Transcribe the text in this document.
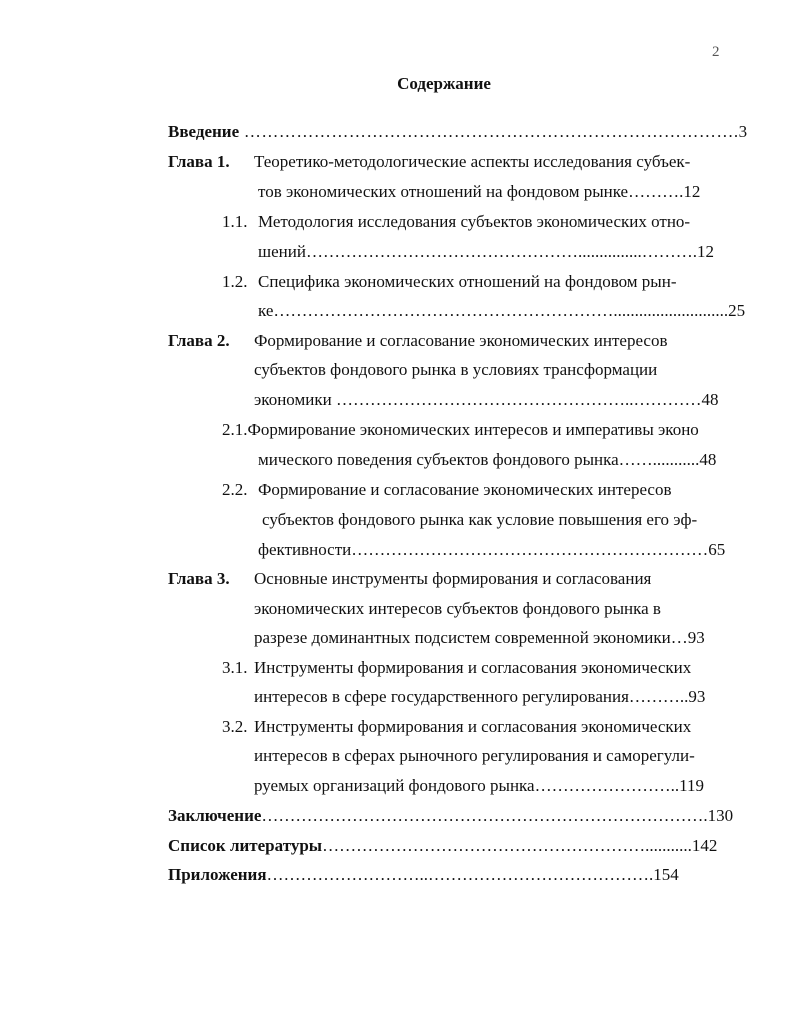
2
Содержание
Введение ………………………………………………………………………….3
Глава 1. Теоретико-методологические аспекты исследования субъек-
тов экономических отношений на фондовом рынке……….12
1.1. Методология исследования субъектов экономических отно-
шений…………………………………………...............……….12
1.2. Специфика экономических отношений на фондовом рын-
ке……………………………………………………...........................25
Глава 2. Формирование и согласование экономических интересов
субъектов фондового рынка в условиях трансформации
экономики ……………………………………………..…………48
2.1.Формирование экономических интересов и императивы эконо
мического поведения субъектов фондового рынка……...........48
2.2. Формирование и согласование экономических интересов
субъектов фондового рынка как условие повышения его эф-
фективности………………………………………………………65
Глава 3. Основные инструменты формирования и согласования
экономических интересов субъектов фондового рынка в
разрезе доминантных подсистем современной экономики…93
3.1. Инструменты формирования и согласования экономических
интересов в сфере государственного регулирования………..93
3.2. Инструменты формирования и согласования экономических
интересов в сферах рыночного регулирования и саморегули-
руемых организаций фондового рынка……………………..119
Заключение…………………………………………………………………….130
Список литературы…………………………………………………...........142
Приложения………………………..………………………………….154
